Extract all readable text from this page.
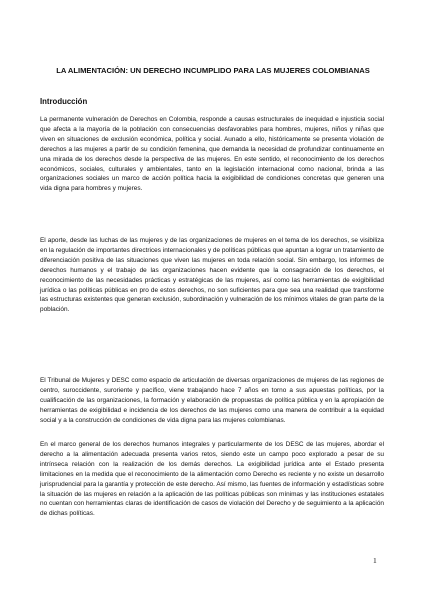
LA ALIMENTACIÓN: UN DERECHO INCUMPLIDO PARA LAS MUJERES COLOMBIANAS
Introducción

La permanente vulneración de Derechos en Colombia, responde a causas estructurales de inequidad e injusticia social que afecta a la mayoría de la población con consecuencias desfavorables para hombres, mujeres, niños y niñas que viven en situaciones de exclusión económica, política y social. Aunado a ello, históricamente se presenta violación de derechos a las mujeres a partir de su condición femenina, que demanda la necesidad de profundizar continuamente en una mirada de los derechos desde la perspectiva de las mujeres. En este sentido, el reconocimiento de los derechos económicos, sociales, culturales y ambientales, tanto en la legislación internacional como nacional, brinda a las organizaciones sociales un marco de acción política hacia la exigibilidad de condiciones concretas que generen una vida digna para hombres y mujeres.

El aporte, desde las luchas de las mujeres y de las organizaciones de mujeres en el tema de los derechos, se visibiliza en la regulación de importantes directrices internacionales y de políticas públicas que apuntan a lograr un tratamiento de diferenciación positiva de las situaciones que viven las mujeres en toda relación social. Sin embargo, los informes de derechos humanos y el trabajo de las organizaciones hacen evidente que la consagración de los derechos, el reconocimiento de las necesidades prácticas y estratégicas de las mujeres, así como las herramientas de exigibilidad jurídica o las políticas públicas en pro de estos derechos, no son suficientes para que sea una realidad que transforme las estructuras existentes que generan exclusión, subordinación y vulneración de los mínimos vitales de gran parte de la población.

El Tribunal de Mujeres y DESC como espacio de articulación de diversas organizaciones de mujeres de las regiones de centro, suroccidente, suroriente y pacífico, viene trabajando hace 7 años en torno a sus apuestas políticas, por la cualificación de las organizaciones, la formación y elaboración de propuestas de política pública y en la apropiación de herramientas de exigibilidad e incidencia de los derechos de las mujeres como una manera de contribuir a la equidad social y a la construcción de condiciones de vida digna para las mujeres colombianas.

En el marco general de los derechos humanos integrales y particularmente de los DESC de las mujeres, abordar el derecho a la alimentación adecuada presenta varios retos, siendo este un campo poco explorado a pesar de su intrínseca relación con la realización de los demás derechos. La exigibilidad jurídica ante el Estado presenta limitaciones en la medida que el reconocimiento de la alimentación como Derecho es reciente y no existe un desarrollo jurisprudencial para la garantía y protección de este derecho. Así mismo, las fuentes de información y estadísticas sobre la situación de las mujeres en relación a la aplicación de las políticas públicas son mínimas y las instituciones estatales no cuentan con herramientas claras de identificación de casos de violación del Derecho y de seguimiento a la aplicación de dichas políticas.

1
